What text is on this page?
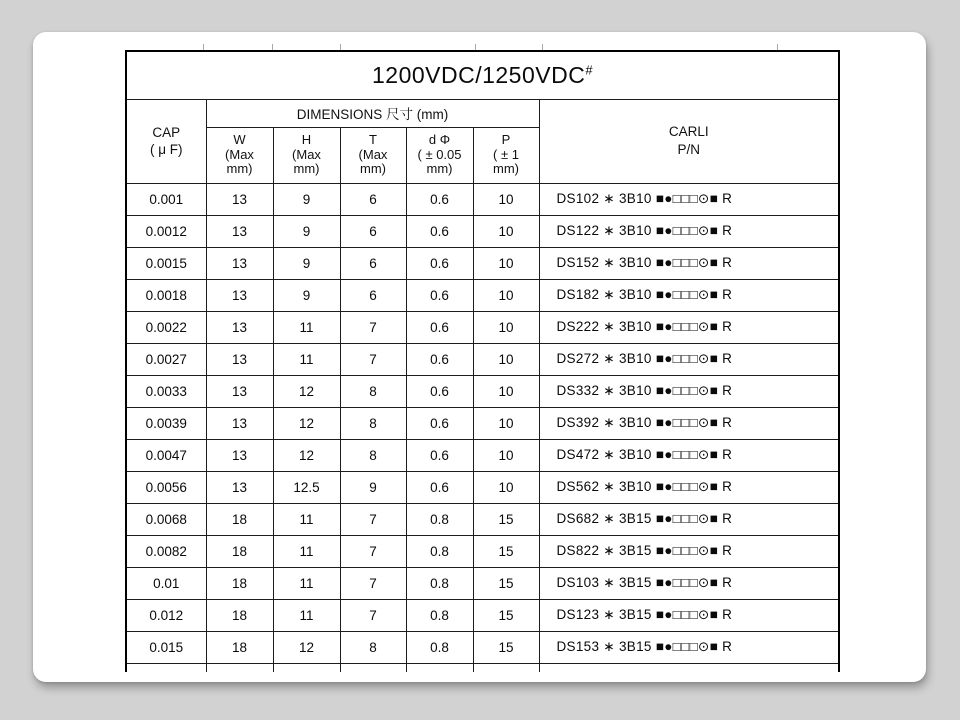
1200VDC/1250VDC#

CAP
( μ F)
	DIMENSIONS 尺寸 (mm)	
CARLI
P/N

W
(Max
mm)

H
(Max
mm)

T
(Max
mm)

d Φ
( ± 0.05
mm)

P
( ± 1
mm)

0.001	13	9	6	0.6	10	DS102 ∗ 3B10 ■●□□□⊙■ R
0.0012	13	9	6	0.6	10	DS122 ∗ 3B10 ■●□□□⊙■ R
0.0015	13	9	6	0.6	10	DS152 ∗ 3B10 ■●□□□⊙■ R
0.0018	13	9	6	0.6	10	DS182 ∗ 3B10 ■●□□□⊙■ R
0.0022	13	11	7	0.6	10	DS222 ∗ 3B10 ■●□□□⊙■ R
0.0027	13	11	7	0.6	10	DS272 ∗ 3B10 ■●□□□⊙■ R
0.0033	13	12	8	0.6	10	DS332 ∗ 3B10 ■●□□□⊙■ R
0.0039	13	12	8	0.6	10	DS392 ∗ 3B10 ■●□□□⊙■ R
0.0047	13	12	8	0.6	10	DS472 ∗ 3B10 ■●□□□⊙■ R
0.0056	13	12.5	9	0.6	10	DS562 ∗ 3B10 ■●□□□⊙■ R
0.0068	18	11	7	0.8	15	DS682 ∗ 3B15 ■●□□□⊙■ R
0.0082	18	11	7	0.8	15	DS822 ∗ 3B15 ■●□□□⊙■ R
0.01	18	11	7	0.8	15	DS103 ∗ 3B15 ■●□□□⊙■ R
0.012	18	11	7	0.8	15	DS123 ∗ 3B15 ■●□□□⊙■ R
0.015	18	12	8	0.8	15	DS153 ∗ 3B15 ■●□□□⊙■ R
